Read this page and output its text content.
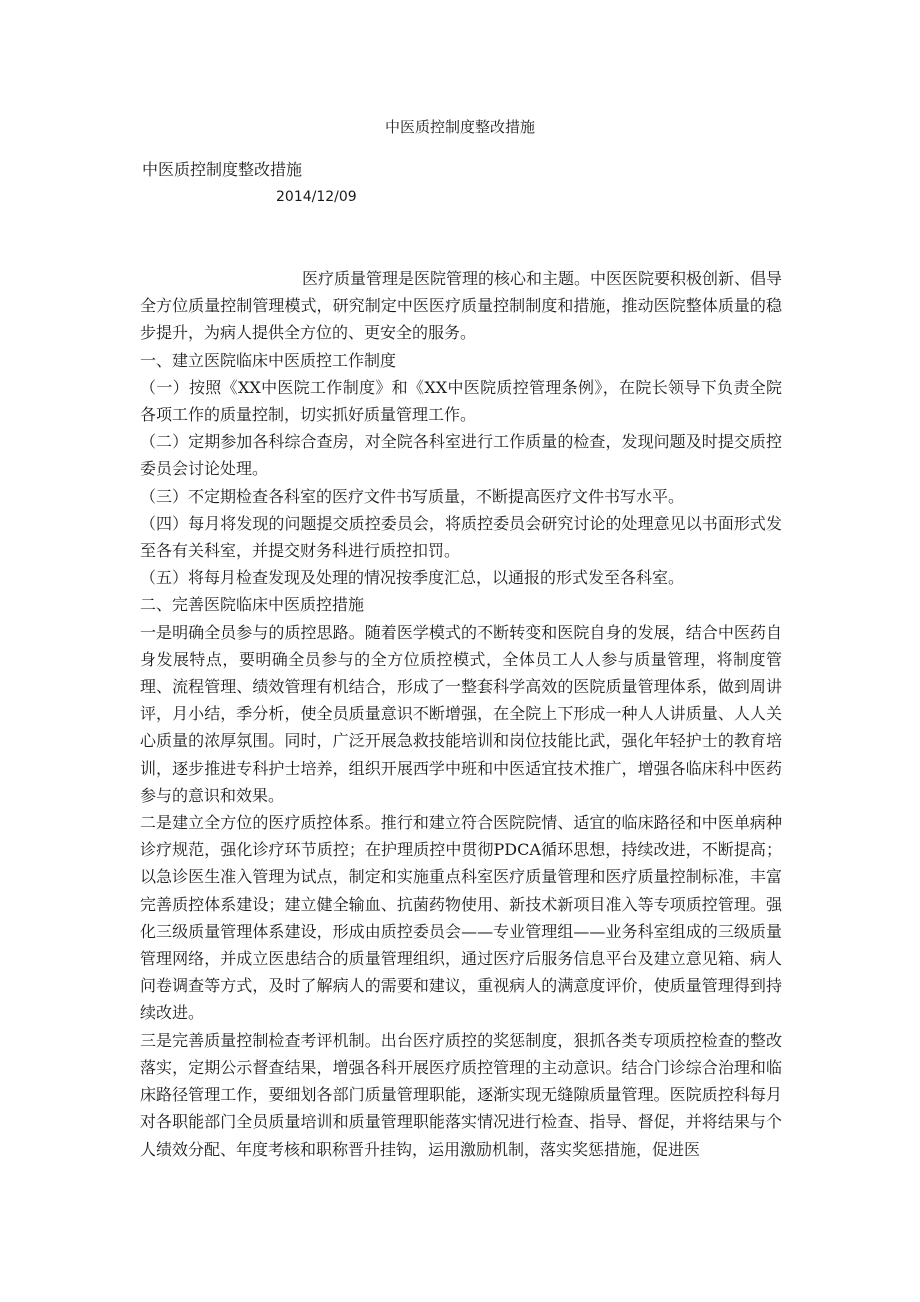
中医质控制度整改措施
中医质控制度整改措施
2014/12/09

医疗质量管理是医院管理的核心和主题。中医医院要积极创新、倡导全方位质量控制管理模式，研究制定中医医疗质量控制制度和措施，推动医院整体质量的稳步提升，为病人提供全方位的、更安全的服务。

一、建立医院临床中医质控工作制度

（一）按照《XX中医院工作制度》和《XX中医院质控管理条例》，在院长领导下负责全院各项工作的质量控制，切实抓好质量管理工作。

（二）定期参加各科综合查房，对全院各科室进行工作质量的检查，发现问题及时提交质控委员会讨论处理。

（三）不定期检查各科室的医疗文件书写质量，不断提高医疗文件书写水平。

（四）每月将发现的问题提交质控委员会，将质控委员会研究讨论的处理意见以书面形式发至各有关科室，并提交财务科进行质控扣罚。

（五）将每月检查发现及处理的情况按季度汇总，以通报的形式发至各科室。

二、完善医院临床中医质控措施

一是明确全员参与的质控思路。随着医学模式的不断转变和医院自身的发展，结合中医药自身发展特点，要明确全员参与的全方位质控模式，全体员工人人参与质量管理，将制度管理、流程管理、绩效管理有机结合，形成了一整套科学高效的医院质量管理体系，做到周讲评，月小结，季分析，使全员质量意识不断增强，在全院上下形成一种人人讲质量、人人关心质量的浓厚氛围。同时，广泛开展急救技能培训和岗位技能比武，强化年轻护士的教育培训，逐步推进专科护士培养，组织开展西学中班和中医适宜技术推广，增强各临床科中医药参与的意识和效果。

二是建立全方位的医疗质控体系。推行和建立符合医院院情、适宜的临床路径和中医单病种诊疗规范，强化诊疗环节质控；在护理质控中贯彻PDCA循环思想，持续改进，不断提高；以急诊医生准入管理为试点，制定和实施重点科室医疗质量管理和医疗质量控制标准，丰富完善质控体系建设；建立健全输血、抗菌药物使用、新技术新项目准入等专项质控管理。强化三级质量管理体系建设，形成由质控委员会——专业管理组——业务科室组成的三级质量管理网络，并成立医患结合的质量管理组织，通过医疗后服务信息平台及建立意见箱、病人问卷调查等方式，及时了解病人的需要和建议，重视病人的满意度评价，使质量管理得到持续改进。

三是完善质量控制检查考评机制。出台医疗质控的奖惩制度，狠抓各类专项质控检查的整改落实，定期公示督查结果，增强各科开展医疗质控管理的主动意识。结合门诊综合治理和临床路径管理工作，要细划各部门质量管理职能，逐渐实现无缝隙质量管理。医院质控科每月对各职能部门全员质量培训和质量管理职能落实情况进行检查、指导、督促，并将结果与个人绩效分配、年度考核和职称晋升挂钩，运用激励机制，落实奖惩措施，促进医
